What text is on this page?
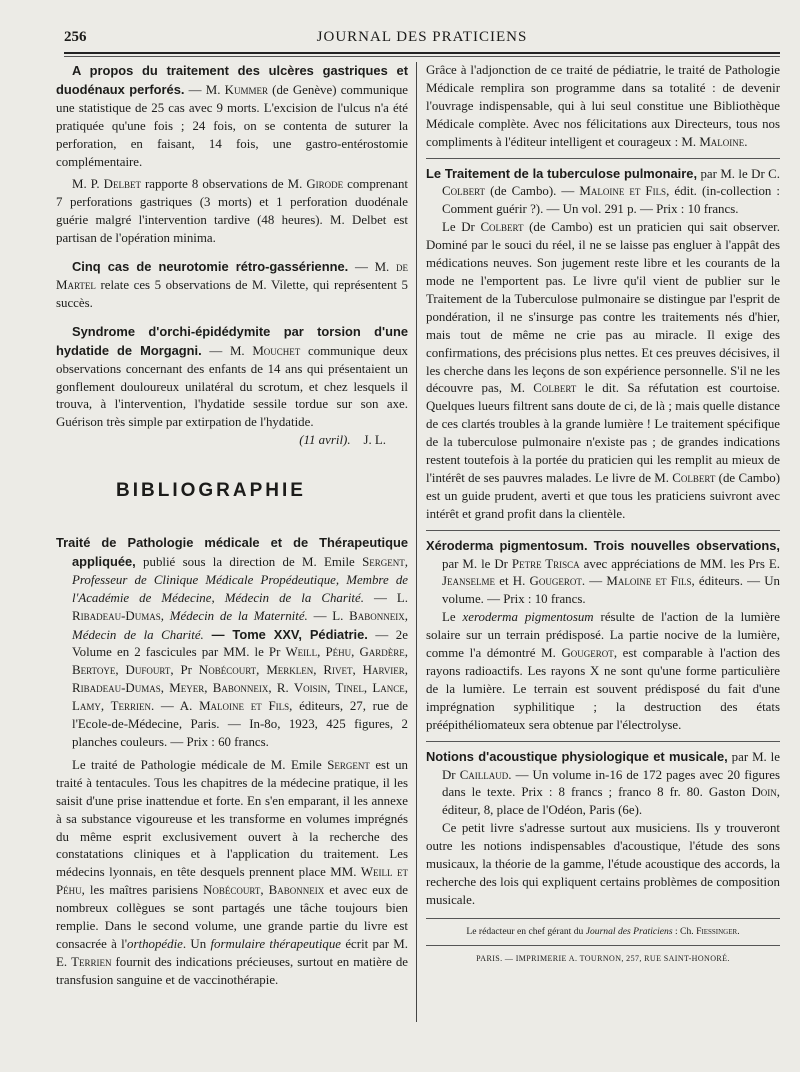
256	JOURNAL DES PRATICIENS

A propos du traitement des ulcères gastriques et duodénaux perforés. — M. Kummer (de Genève) communique une statistique de 25 cas avec 9 morts. L'excision de l'ulcus n'a été pratiquée qu'une fois ; 24 fois, on se contenta de suturer la perforation, en faisant, 14 fois, une gastro-entérostomie complémentaire.

M. P. Delbet rapporte 8 observations de M. Girode comprenant 7 perforations gastriques (3 morts) et 1 perforation duodénale guérie malgré l'intervention tardive (48 heures). M. Delbet est partisan de l'opération minima.

Cinq cas de neurotomie rétro-gassérienne. — M. de Martel relate ces 5 observations de M. Vilette, qui représentent 5 succès.

Syndrome d'orchi-épidédymite par torsion d'une hydatide de Morgagni. — M. Mouchet communique deux observations concernant des enfants de 14 ans qui présentaient un gonflement douloureux unilatéral du scrotum, et chez lesquels il trouva, à l'intervention, l'hydatide sessile tordue sur son axe. Guérison très simple par extirpation de l'hydatide.

(11 avril). J. L.

BIBLIOGRAPHIE

Traité de Pathologie médicale et de Thérapeutique appliquée, publié sous la direction de M. Emile Sergent, Professeur de Clinique Médicale Propédeutique, Membre de l'Académie de Médecine, Médecin de la Charité. — L. Ribadeau-Dumas, Médecin de la Maternité. — L. Babonneix, Médecin de la Charité. — Tome XXV, Pédiatrie. — 2e Volume en 2 fascicules par MM. le Pr Weill, Péhu, Gardère, Bertoye, Dufourt, Pr Nobécourt, Merklen, Rivet, Harvier, Ribadeau-Dumas, Meyer, Babonneix, R. Voisin, Tinel, Lance, Lamy, Terrien. — A. Maloine et Fils, éditeurs, 27, rue de l'Ecole-de-Médecine, Paris. — In-8o, 1923, 425 figures, 2 planches couleurs. — Prix : 60 francs.

Le traité de Pathologie médicale de M. Emile Sergent est un traité à tentacules. Tous les chapitres de la médecine pratique, il les saisit d'une prise inattendue et forte. En s'en emparant, il les annexe à sa substance vigoureuse et les transforme en volumes imprégnés du même esprit exclusivement ouvert à la recherche des constatations cliniques et à l'application du traitement. Les médecins lyonnais, en tête desquels prennent place MM. Weill et Péhu, les maîtres parisiens Nobécourt, Babonneix et avec eux de nombreux collègues se sont partagés une tâche toujours bien remplie. Dans le second volume, une grande partie du livre est consacrée à l'orthopédie. Un formulaire thérapeutique écrit par M. E. Terrien fournit des indications précieuses, surtout en matière de transfusion sanguine et de vaccinothérapie.

Grâce à l'adjonction de ce traité de pédiatrie, le traité de Pathologie Médicale remplira son programme dans sa totalité : de devenir l'ouvrage indispensable, qui à lui seul constitue une Bibliothèque Médicale complète. Avec nos félicitations aux Directeurs, tous nos compliments à l'éditeur intelligent et courageux : M. Maloine.

Le Traitement de la tuberculose pulmonaire, par M. le Dr C. Colbert (de Cambo). — Maloine et Fils, édit. (in-collection : Comment guérir ?). — Un vol. 291 p. — Prix : 10 francs.

Le Dr Colbert (de Cambo) est un praticien qui sait observer. Dominé par le souci du réel, il ne se laisse pas engluer à l'appât des médications neuves. Son jugement reste libre et les courants de la mode ne l'emportent pas. Le livre qu'il vient de publier sur le Traitement de la Tuberculose pulmonaire se distingue par l'esprit de pondération, il ne s'insurge pas contre les traitements nés d'hier, mais tout de même ne crie pas au miracle. Il exige des confirmations, des précisions plus nettes. Et ces preuves décisives, il les cherche dans les leçons de son expérience personnelle. S'il ne les découvre pas, M. Colbert le dit. Sa réfutation est courtoise. Quelques lueurs filtrent sans doute de ci, de là ; mais quelle distance de ces clartés troubles à la grande lumière ! Le traitement spécifique de la tuberculose pulmonaire n'existe pas ; de grandes indications restent toutefois à la portée du praticien qui les remplit au mieux de l'intérêt de ses pauvres malades. Le livre de M. Colbert (de Cambo) est un guide prudent, averti et que tous les praticiens suivront avec intérêt et grand profit dans la clientèle.

Xéroderma pigmentosum. Trois nouvelles observations, par M. le Dr Petre Trisca avec appréciations de MM. les Prs E. Jeanselme et H. Gougerot. — Maloine et Fils, éditeurs. — Un volume. — Prix : 10 francs.

Le xeroderma pigmentosum résulte de l'action de la lumière solaire sur un terrain prédisposé. La partie nocive de la lumière, comme l'a démontré M. Gougerot, est comparable à l'action des rayons radioactifs. Les rayons X ne sont qu'une forme particulière de la lumière. Le terrain est souvent prédisposé du fait d'une imprégnation syphilitique ; la destruction des états préépithéliomateux sera obtenue par l'électrolyse.

Notions d'acoustique physiologique et musicale, par M. le Dr Caillaud. — Un volume in-16 de 172 pages avec 20 figures dans le texte. Prix : 8 francs ; franco 8 fr. 80. Gaston Doin, éditeur, 8, place de l'Odéon, Paris (6e).

Ce petit livre s'adresse surtout aux musiciens. Ils y trouveront outre les notions indispensables d'acoustique, l'étude des sons musicaux, la théorie de la gamme, l'étude acoustique des accords, la recherche des lois qui expliquent certains problèmes de composition musicale.

Le rédacteur en chef gérant du Journal des Praticiens : Ch. Fiessinger.
PARIS. — IMPRIMERIE A. TOURNON, 257, RUE SAINT-HONORÉ.
